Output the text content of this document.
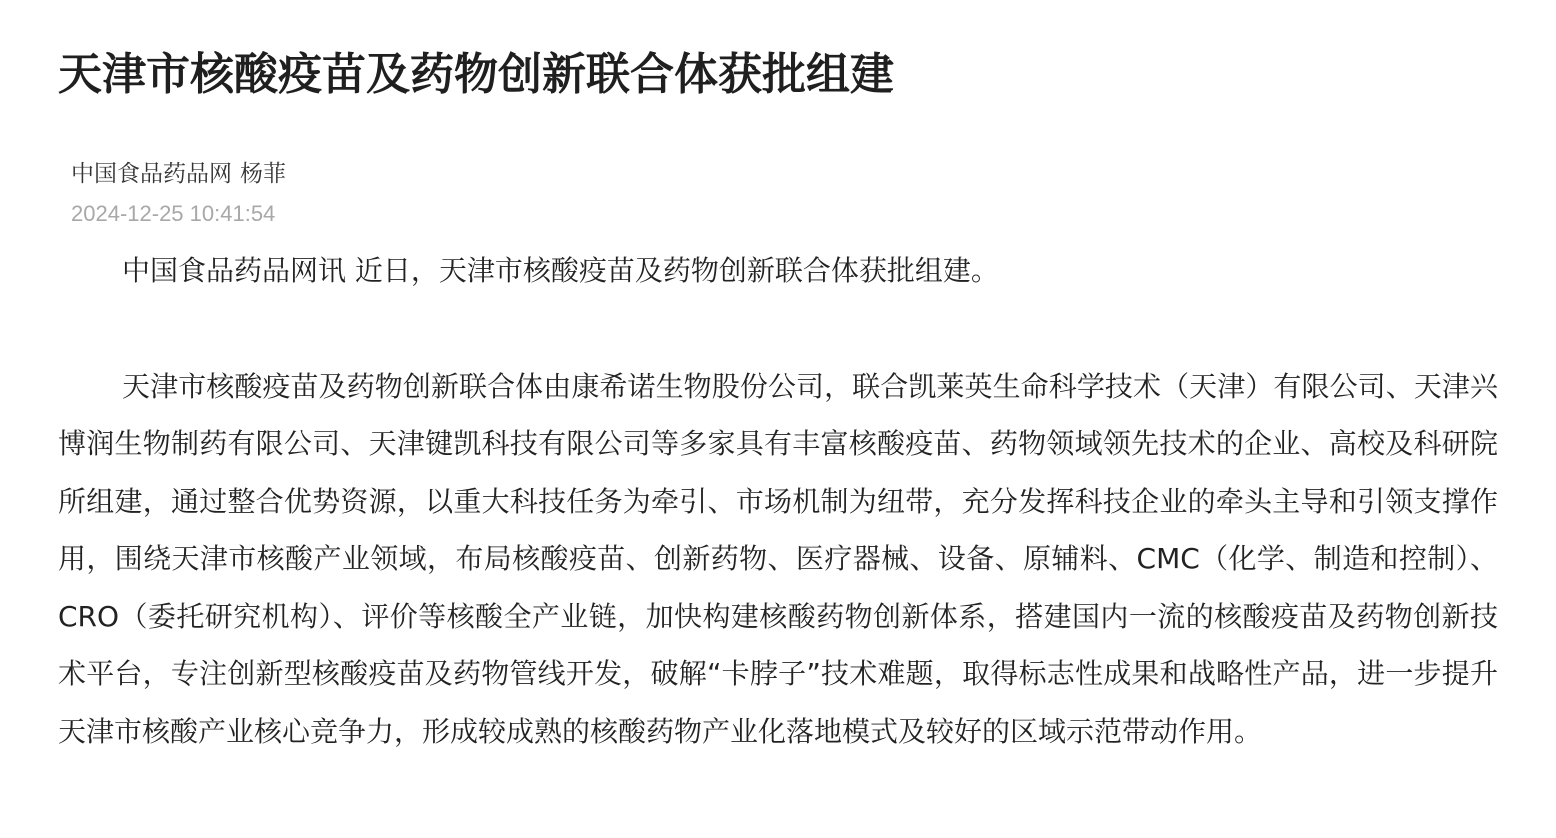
天津市核酸疫苗及药物创新联合体获批组建
中国食品药品网 杨菲
2024-12-25 10:41:54

中国食品药品网讯 近日，天津市核酸疫苗及药物创新联合体获批组建。

天津市核酸疫苗及药物创新联合体由康希诺生物股份公司，联合凯莱英生命科学技术（天津）有限公司、天津兴博润生物制药有限公司、天津键凯科技有限公司等多家具有丰富核酸疫苗、药物领域领先技术的企业、高校及科研院所组建，通过整合优势资源，以重大科技任务为牵引、市场机制为纽带，充分发挥科技企业的牵头主导和引领支撑作用，围绕天津市核酸产业领域，布局核酸疫苗、创新药物、医疗器械、设备、原辅料、CMC（化学、制造和控制）、CRO（委托研究机构）、评价等核酸全产业链，加快构建核酸药物创新体系，搭建国内一流的核酸疫苗及药物创新技术平台，专注创新型核酸疫苗及药物管线开发，破解“卡脖子”技术难题，取得标志性成果和战略性产品，进一步提升天津市核酸产业核心竞争力，形成较成熟的核酸药物产业化落地模式及较好的区域示范带动作用。
